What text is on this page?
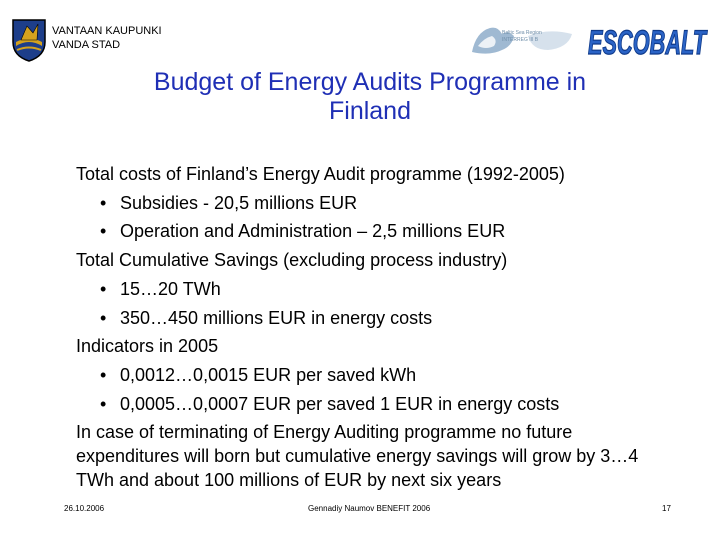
VANTAAN KAUPUNKI
VANDA STAD
Baltic Sea Region
INTERREG III B ESCOBALT
Budget of Energy Audits Programme in
Finland
Total costs of Finland’s Energy Audit programme (1992-2005)
• Subsidies - 20,5 millions EUR
• Operation and Administration – 2,5 millions EUR
Total Cumulative Savings (excluding process industry)
• 15…20 TWh
• 350…450 millions EUR in energy costs
Indicators in 2005
• 0,0012…0,0015 EUR per saved kWh
• 0,0005…0,0007 EUR per saved 1 EUR in energy costs
In case of terminating of Energy Auditing programme no future expenditures will born but cumulative energy savings will grow by 3…4 TWh and about 100 millions of EUR by next six years
26.10.2006	Gennadiy Naumov BENEFIT 2006	17
